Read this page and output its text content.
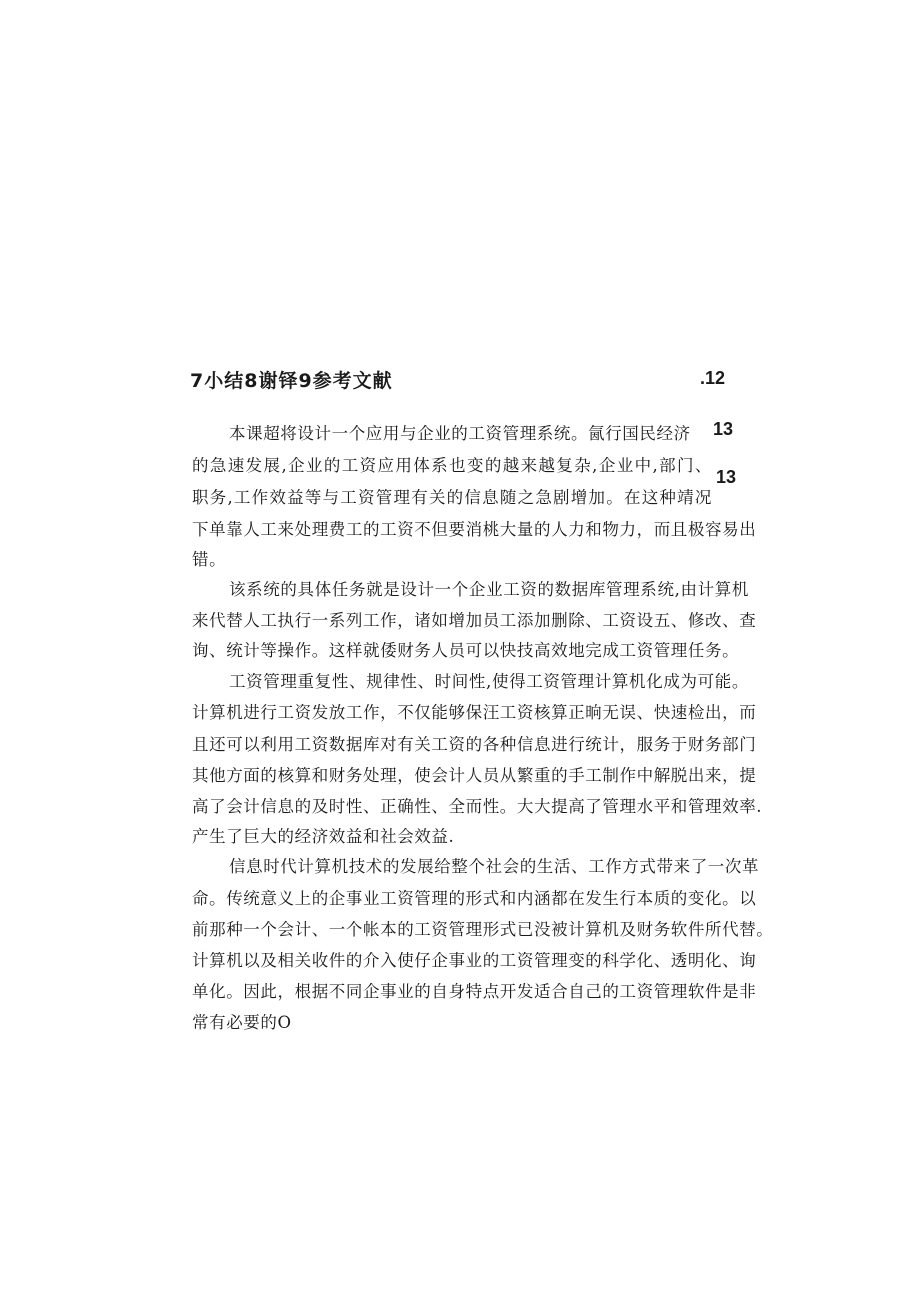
7小结8谢铎9参考文献	.12
13
13
本课超将设计一个应用与企业的工资管理系统。氤行国民经济
的急速发展,企业的工资应用体系也变的越来越复杂,企业中,部门、
职务,工作效益等与工资管理有关的信息随之急剧增加。在这种靖况
下单靠人工来处理费工的工资不但要消桃大量的人力和物力，而且极容易出
错。
该系统的具体任务就是设计一个企业工资的数据库管理系统,由计算机
来代替人工执行一系列工作，诸如增加员工添加删除、工资设五、修改、查
询、统计等操作。这样就倭财务人员可以快技高效地完成工资管理任务。
工资管理重复性、规律性、时间性,使得工资管理计算机化成为可能。
计算机进行工资发放工作，不仅能够保汪工资核算正晌无误、快速检出，而
且还可以利用工资数据库对有关工资的各种信息进行统计，服务于财务部门
其他方面的核算和财务处理，使会计人员从繁重的手工制作中解脱出来，提
高了会计信息的及时性、正确性、全而性。大大提高了管理水平和管理效率.
产生了巨大的经济效益和社会效益.
信息时代计算机技术的发展给整个社会的生活、工作方式带来了一次革
命。传统意义上的企事业工资管理的形式和内涵都在发生行本质的变化。以
前那种一个会计、一个帐本的工资管理形式已没被计算机及财务软件所代替。
计算机以及相关收件的介入使仔企事业的工资管理变的科学化、透明化、询
单化。因此，根据不同企事业的自身特点开发适合自己的工资管理软件是非
常有必要的O
